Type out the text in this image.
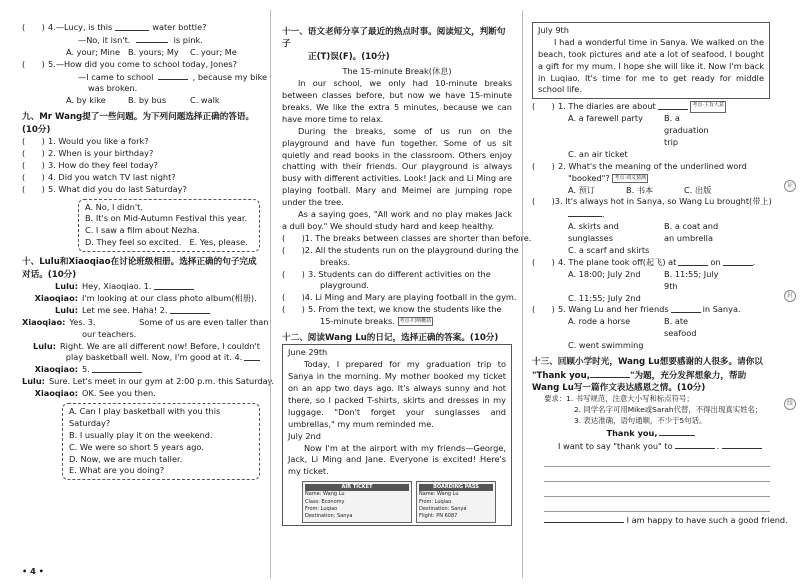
(　　) 4. —Lucy, is this	water bottle?
—No, it isn't.	is pink.
A. your; Mine B. yours; My	C. your; Me
(　　) 5. —How did you come to school today, Jones?
—I came to school	, because my bike
was broken.
A. by kike	B. by bus	C. walk
九、Mr Wang提了一些问题。为下列问题选择正确的答语。(10分)
(　　) 1. Would you like a fork?
(　　) 2. When is your birthday?
(　　) 3. How do they feel today?
(　　) 4. Did you watch TV last night?
(　　) 5. What did you do last Saturday?
A. No, I didn't.
B. It's on Mid-Autumn Festival this year.
C. I saw a film about Nezha.
D. They feel so excited.　E. Yes, please.
十、Lulu和Xiaoqiao在讨论班级相册。选择正确的句子完成
对话。(10分)
Lulu: Hey, Xiaoqiao. 1.
Xiaoqiao: I'm looking at our class photo album(相册).
Lulu: Let me see. Haha! 2.
Xiaoqiao: Yes. 3.　　　　　 Some of us are even taller than
our teachers.
Lulu: Right. We are all different now! Before, I couldn't
play basketball well. Now, I'm good at it. 4.
Xiaoqiao: 5.
Lulu: Sure. Let's meet in our gym at 2:00 p.m. this Saturday.
Xiaoqiao: OK. See you then.
A. Can I play basketball with you this Saturday?
B. I usually play it on the weekend.
C. We were so short 5 years ago.
D. Now, we are much taller.
E. What are you doing?
• 4 •
十一、语文老师分享了最近的热点时事。阅读短文，判断句子
正(T)误(F)。(10分)
The 15-minute Break(休息)
In our school, we only had 10-minute breaks between classes before, but now we have 15-minute breaks. We like the extra 5 minutes, because we can have more time to relax.
During the breaks, some of us run on the playground and have fun together. Some of us sit quietly and read books in the classroom. Others enjoy chatting with their friends. Our playground is always busy with different activities. Look! Jack and Li Ming are playing football. Mary and Meimei are jumping rope under the tree.
As a saying goes, "All work and no play makes Jack a dull boy." We should study hard and keep healthy.
(　　) 1.
The breaks between classes are shorter than before.
(　　) 2.
All the students run on the playground during the
breaks.
(　　) 3.
Students can do different activities on the
playground.
(　　) 4.
Li Ming and Mary are playing football in the gym.
(　　) 5.
From the text, we know the students like the
15-minute breaks. 考点·归纳概括
十二、阅读Wang Lu的日记，选择正确的答案。(10分)
June 29th
Today, I prepared for my graduation trip to Sanya in the morning. My mother booked my ticket on an app two days ago. It's always sunny and hot there, so I packed T-shirts, skirts and dresses in my luggage. "Don't forget your sunglasses and umbrellas," my mum reminded me.
July 2nd
Now I'm at the airport with my friends—George, Jack, Li Ming and Jane. Everyone is excited! Here's my ticket.
AIR TICKET
Name: Wang Lu
Class: Economy
From: Luqiao
Destination: Sanya
BOARDING PASS
Name: Wang Lu
From: Luqiao
Destination: Sanya
Flight: PN 6087
July 9th
I had a wonderful time in Sanya. We walked on the beach, took pictures and ate a lot of seafood. I bought a gift for my mum. I hope she will like it. Now I'm back in Luqiao. It's time for me to get ready for middle school life.
(　　) 1.
The diaries are about
	考点·主旨大意
A. a farewell party	B. a graduation trip
C. an air ticket
(　　) 2.
What's the meaning of the underlined word
"booked"? 考点·词义猜测
A. 预订	B. 书本	C. 出版
(　　) 3.
It's always hot in Sanya, so Wang Lu brought(带上)
.
A. skirts and sunglasses
B. a coat and an umbrella
C. a scarf and skirts
(　　) 4.
The plane took off(起飞) at	on	.
A. 18:00; July 2nd	B. 11:55; July 9th
C. 11:55; July 2nd
(　　) 5.
Wang Lu and her friends	in Sanya.
A. rode a horse	B. ate seafood
C. went swimming
十三、回顾小学时光，Wang Lu想要感谢的人很多。请你以
"Thank you,	"为题，充分发挥想象力，帮助
Wang Lu写一篇作文表达感恩之情。(10分)
要求：1. 书写规范，注意大小写和标点符号；
2. 同学名字可用Mike或Sarah代替，不得出现真实姓名；
3. 表达准确，语句通顺，不少于5句话。
Thank you,
I want to say "thank you" to	.
I am happy to have such a good friend.
证
封
线
